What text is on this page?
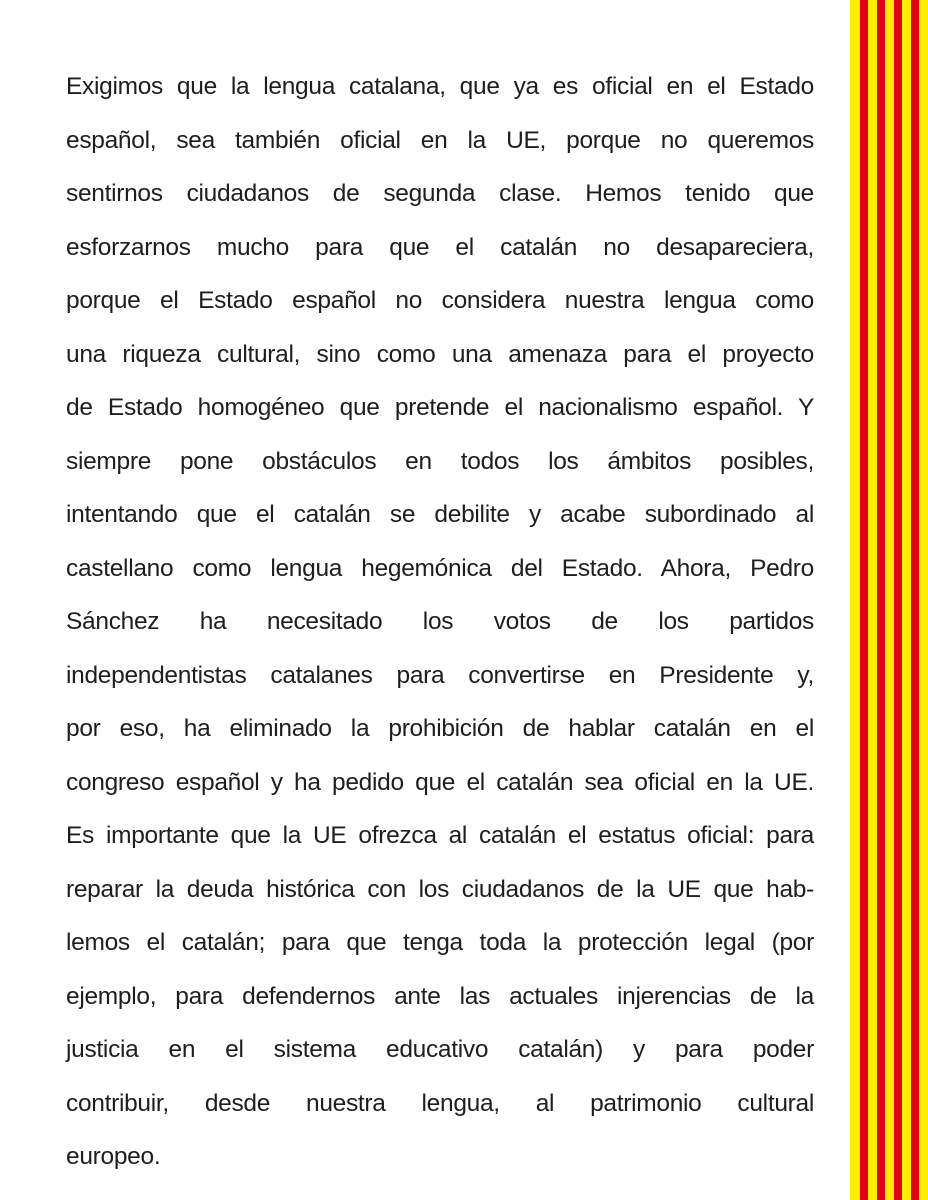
Exigimos que la lengua catalana, que ya es oficial en el Estado
español, sea también oficial en la UE, porque no queremos
sentirnos ciudadanos de segunda clase. Hemos tenido que
esforzarnos mucho para que el catalán no desapareciera,
porque el Estado español no considera nuestra lengua como
una riqueza cultural, sino como una amenaza para el proyecto
de Estado homogéneo que pretende el nacionalismo español. Y
siempre pone obstáculos en todos los ámbitos posibles,
intentando que el catalán se debilite y acabe subordinado al
castellano como lengua hegemónica del Estado. Ahora, Pedro
Sánchez ha necesitado los votos de los partidos
independentistas catalanes para convertirse en Presidente y,
por eso, ha eliminado la prohibición de hablar catalán en el
congreso español y ha pedido que el catalán sea oficial en la UE.
Es importante que la UE ofrezca al catalán el estatus oficial: para
reparar la deuda histórica con los ciudadanos de la UE que hab-
lemos el catalán; para que tenga toda la protección legal (por
ejemplo, para defendernos ante las actuales injerencias de la
justicia en el sistema educativo catalán) y para poder
contribuir, desde nuestra lengua, al patrimonio cultural
europeo.
